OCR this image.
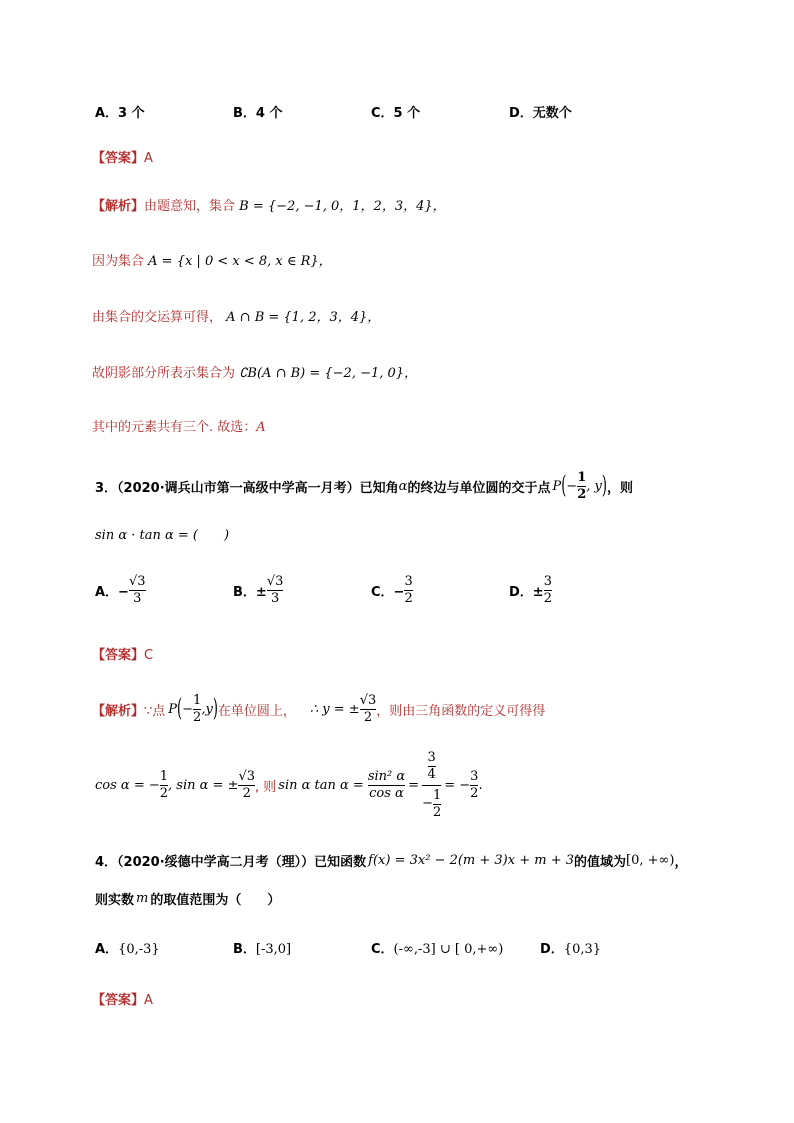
A．3 个	B．4 个	C．5 个	D．无数个
【答案】A
【解析】由题意知，集合 B = {−2, −1, 0，1，2，3，4}，
因为集合 A = {x | 0 < x < 8, x ∈ R}，
由集合的交运算可得， A ∩ B = {1, 2，3，4}，
故阴影部分所表示集合为 ∁B(A ∩ B) = {−2, −1, 0}，
其中的元素共有三个. 故选：A
3．（2020·调兵山市第一高级中学高一月考）已知角 α 的终边与单位圆的交于点 P ( − $\frac{1}{2}$ , y ) ，则
sin α · tan α = (　　)
A．− $\frac{√3}{3}$	B．± $\frac{√3}{3}$	C．− $\frac{3}{2}$	D．± $\frac{3}{2}$
【答案】C
【解析】 ∵点 P ( − $\frac{1}{2}$ , y ) 在单位圆上， ∴ y = ± $\frac{√3}{2}$ ，则由三角函数的定义可得得
cos α = − $\frac{1}{2}$ , sin α = ± $\frac{√3}{2}$ , 则 sin α $\tan \alpha = \frac{\text{sin² α}}{\text{cos α}} = \frac{\frac{3}{4}}{- \frac{1}{2}}$ = − $\frac{3}{2}$ .
4．（2020·绥德中学高二月考（理））已知函数 f(x) = 3x² − 2(m + 3)x + m + 3 的值域为 [0, +∞) ，
则实数 m 的取值范围为（　　）
A．{0,-3}	B．[-3,0]	C．(-∞,-3] ∪ [ 0,+∞)	D．{0,3}
【答案】A
